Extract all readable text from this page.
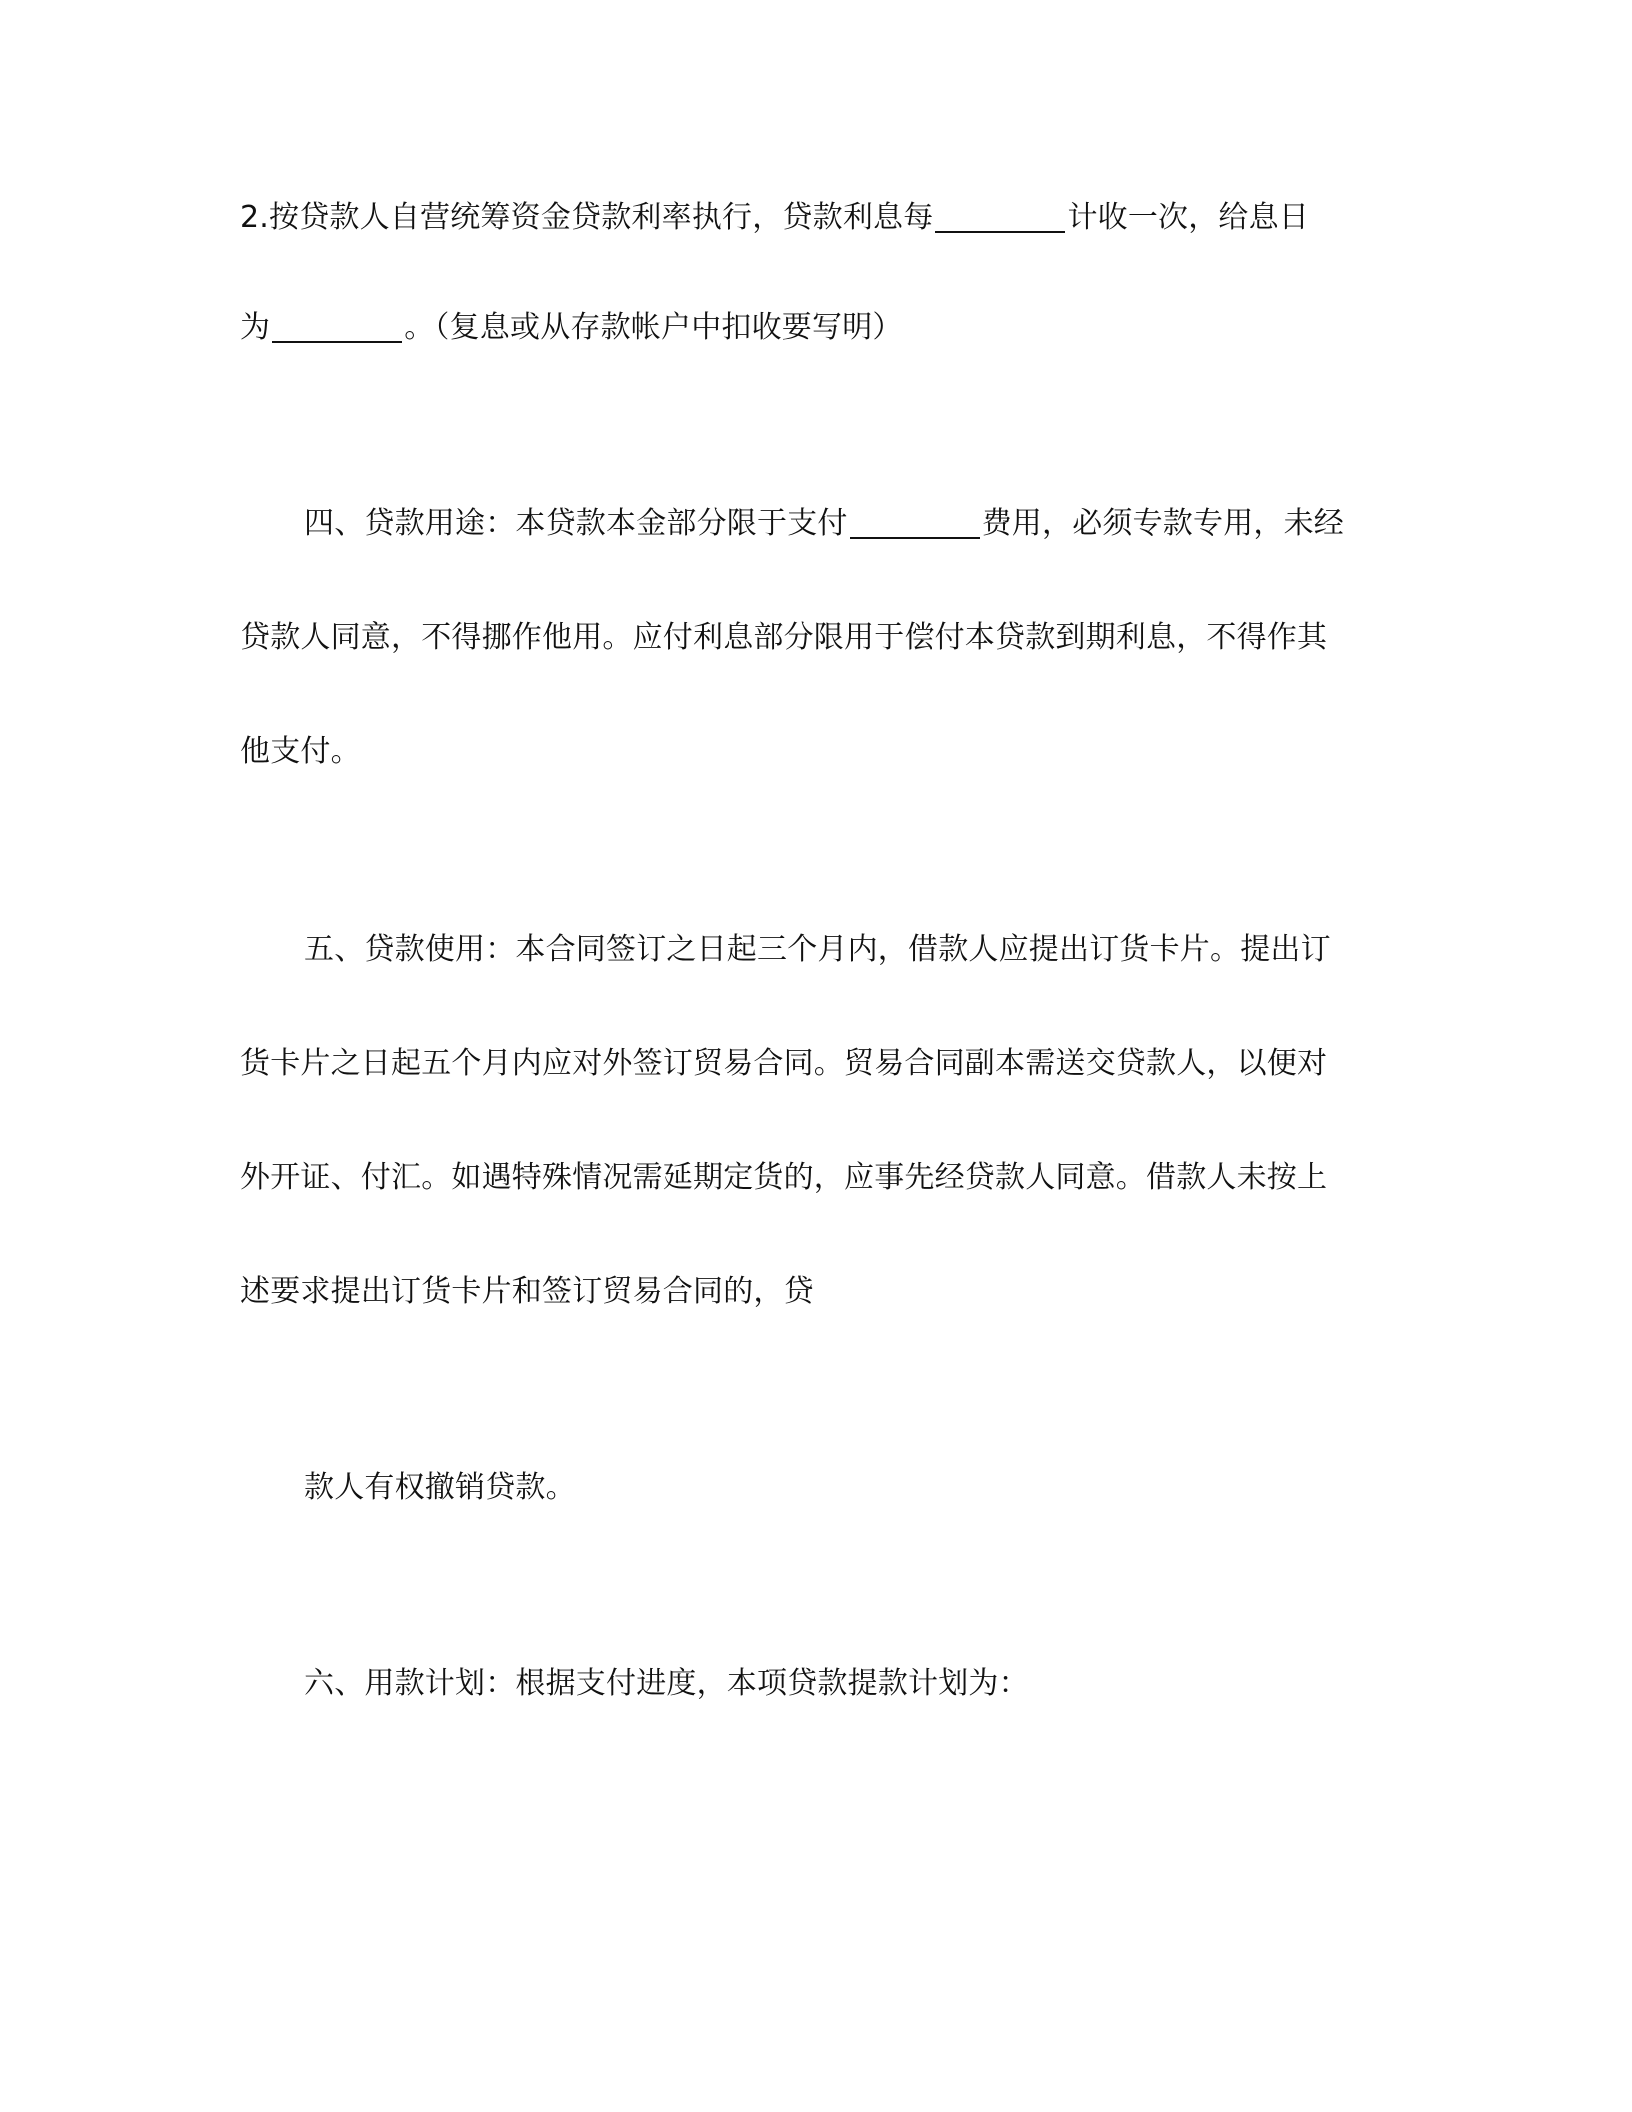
2.按贷款人自营统筹资金贷款利率执行，贷款利息每	计收一次，给息日
为	。（复息或从存款帐户中扣收要写明）
四、贷款用途：本贷款本金部分限于支付	费用，必须专款专用，未经
贷款人同意，不得挪作他用。应付利息部分限用于偿付本贷款到期利息，不得作其
他支付。
五、贷款使用：本合同签订之日起三个月内，借款人应提出订货卡片。提出订
货卡片之日起五个月内应对外签订贸易合同。贸易合同副本需送交贷款人，以便对
外开证、付汇。如遇特殊情况需延期定货的，应事先经贷款人同意。借款人未按上
述要求提出订货卡片和签订贸易合同的，贷
款人有权撤销贷款。
六、用款计划：根据支付进度，本项贷款提款计划为：
